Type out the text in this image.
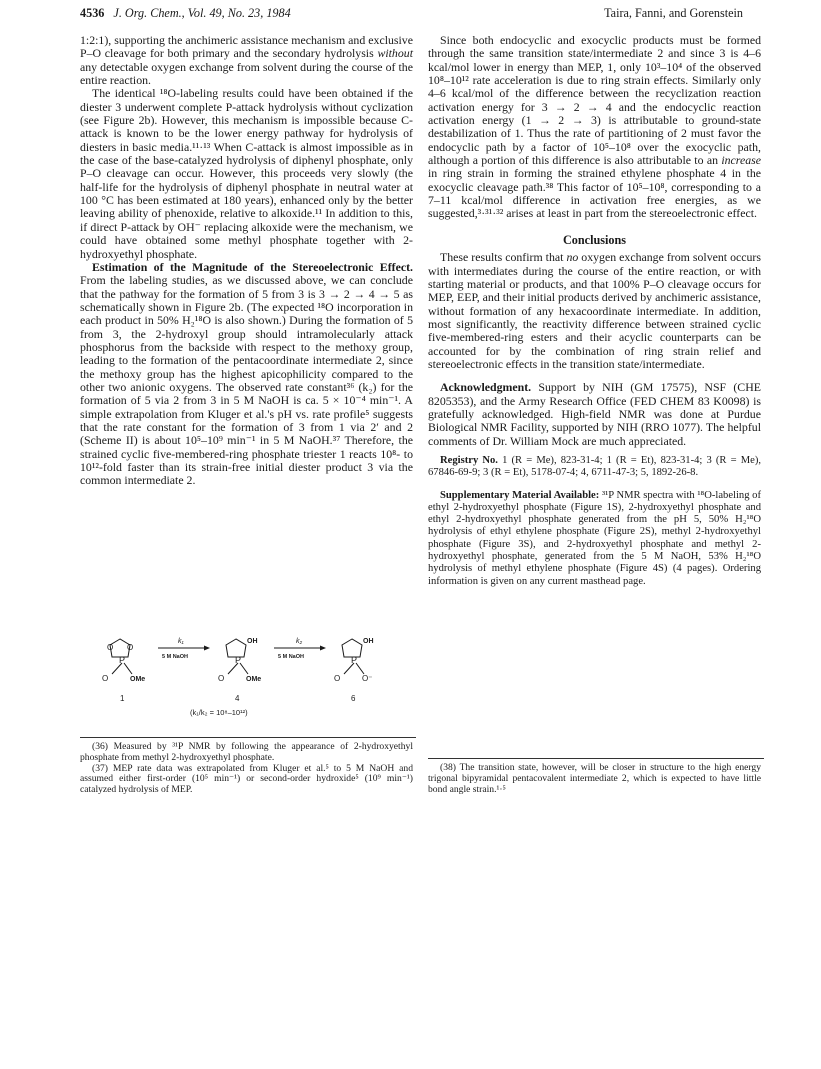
4536 J. Org. Chem., Vol. 49, No. 23, 1984	Taira, Fanni, and Gorenstein

1:2:1), supporting the anchimeric assistance mechanism and exclusive P–O cleavage for both primary and the secondary hydrolysis without any detectable oxygen exchange from solvent during the course of the entire reaction.

The identical ¹⁸O-labeling results could have been obtained if the diester 3 underwent complete P-attack hydrolysis without cyclization (see Figure 2b). However, this mechanism is impossible because C-attack is known to be the lower energy pathway for hydrolysis of diesters in basic media.¹¹·¹³ When C-attack is almost impossible as in the case of the base-catalyzed hydrolysis of diphenyl phosphate, only P–O cleavage can occur. However, this proceeds very slowly (the half-life for the hydrolysis of diphenyl phosphate in neutral water at 100 °C has been estimated at 180 years), enhanced only by the better leaving ability of phenoxide, relative to alkoxide.¹¹ In addition to this, if direct P-attack by OH⁻ replacing alkoxide were the mechanism, we could have obtained some methyl phosphate together with 2-hydroxyethyl phosphate.

Estimation of the Magnitude of the Stereoelectronic Effect. From the labeling studies, as we discussed above, we can conclude that the pathway for the formation of 5 from 3 is 3 → 2 → 4 → 5 as schematically shown in Figure 2b. (The expected ¹⁸O incorporation in each product in 50% H₂¹⁸O is also shown.) During the formation of 5 from 3, the 2-hydroxyl group should intramolecularly attack phosphorus from the backside with respect to the methoxy group, leading to the formation of the pentacoordinate intermediate 2, since the methoxy group has the highest apicophilicity compared to the other two anionic oxygens. The observed rate constant³⁶ (k₂) for the formation of 5 via 2 from 3 in 5 M NaOH is ca. 5 × 10⁻⁴ min⁻¹. A simple extrapolation from Kluger et al.'s pH vs. rate profile⁵ suggests that the rate constant for the formation of 3 from 1 via 2′ and 2 (Scheme II) is about 10⁵–10⁹ min⁻¹ in 5 M NaOH.³⁷ Therefore, the strained cyclic five-membered-ring phosphate triester 1 reacts 10⁸- to 10¹²-fold faster than its strain-free initial diester product 3 via the common intermediate 2.

O O
P
O	OMe
1
k₁
5 M NaOH
OH
P
O	OMe
4
k₂
5 M NaOH
OH
P
O	O⁻
6
(k₁/k₂ = 10⁸–10¹²)

(36) Measured by ³¹P NMR by following the appearance of 2-hydroxyethyl phosphate from methyl 2-hydroxyethyl phosphate.

(37) MEP rate data was extrapolated from Kluger et al.⁵ to 5 M NaOH and assumed either first-order (10⁵ min⁻¹) or second-order hydroxide⁵ (10⁹ min⁻¹) catalyzed hydrolysis of MEP.

Since both endocyclic and exocyclic products must be formed through the same transition state/intermediate 2 and since 3 is 4–6 kcal/mol lower in energy than MEP, 1, only 10³–10⁴ of the observed 10⁸–10¹² rate acceleration is due to ring strain effects. Similarly only 4–6 kcal/mol of the difference between the recyclization reaction activation energy for 3 → 2 → 4 and the endocyclic reaction activation energy (1 → 2 → 3) is attributable to ground-state destabilization of 1. Thus the rate of partitioning of 2 must favor the endocyclic path by a factor of 10⁵–10⁸ over the exocyclic path, although a portion of this difference is also attributable to an increase in ring strain in forming the strained ethylene phosphate 4 in the exocyclic cleavage path.³⁸ This factor of 10⁵–10⁸, corresponding to a 7–11 kcal/mol difference in activation free energies, as we suggested,³·³¹·³² arises at least in part from the stereoelectronic effect.

Conclusions

These results confirm that no oxygen exchange from solvent occurs with intermediates during the course of the entire reaction, or with starting material or products, and that 100% P–O cleavage occurs for MEP, EEP, and their initial products derived by anchimeric assistance, without formation of any hexacoordinate intermediate. In addition, most significantly, the reactivity difference between strained cyclic five-membered-ring esters and their acyclic counterparts can be accounted for by the combination of ring strain relief and stereoelectronic effects in the transition state/intermediate.

Acknowledgment. Support by NIH (GM 17575), NSF (CHE 8205353), and the Army Research Office (FED CHEM 83 K0098) is gratefully acknowledged. High-field NMR was done at Purdue Biological NMR Facility, supported by NIH (RRO 1077). The helpful comments of Dr. William Mock are much appreciated.

Registry No. 1 (R = Me), 823-31-4; 1 (R = Et), 823-31-4; 3 (R = Me), 67846-69-9; 3 (R = Et), 5178-07-4; 4, 6711-47-3; 5, 1892-26-8.

Supplementary Material Available: ³¹P NMR spectra with ¹⁸O-labeling of ethyl 2-hydroxyethyl phosphate (Figure 1S), 2-hydroxyethyl phosphate and ethyl 2-hydroxyethyl phosphate generated from the pH 5, 50% H₂¹⁸O hydrolysis of ethyl ethylene phosphate (Figure 2S), methyl 2-hydroxyethyl phosphate (Figure 3S), and 2-hydroxyethyl phosphate and methyl 2-hydroxyethyl phosphate, generated from the 5 M NaOH, 53% H₂¹⁸O hydrolysis of methyl ethylene phosphate (Figure 4S) (4 pages). Ordering information is given on any current masthead page.

(38) The transition state, however, will be closer in structure to the high energy trigonal bipyramidal pentacovalent intermediate 2, which is expected to have little bond angle strain.¹·⁵
